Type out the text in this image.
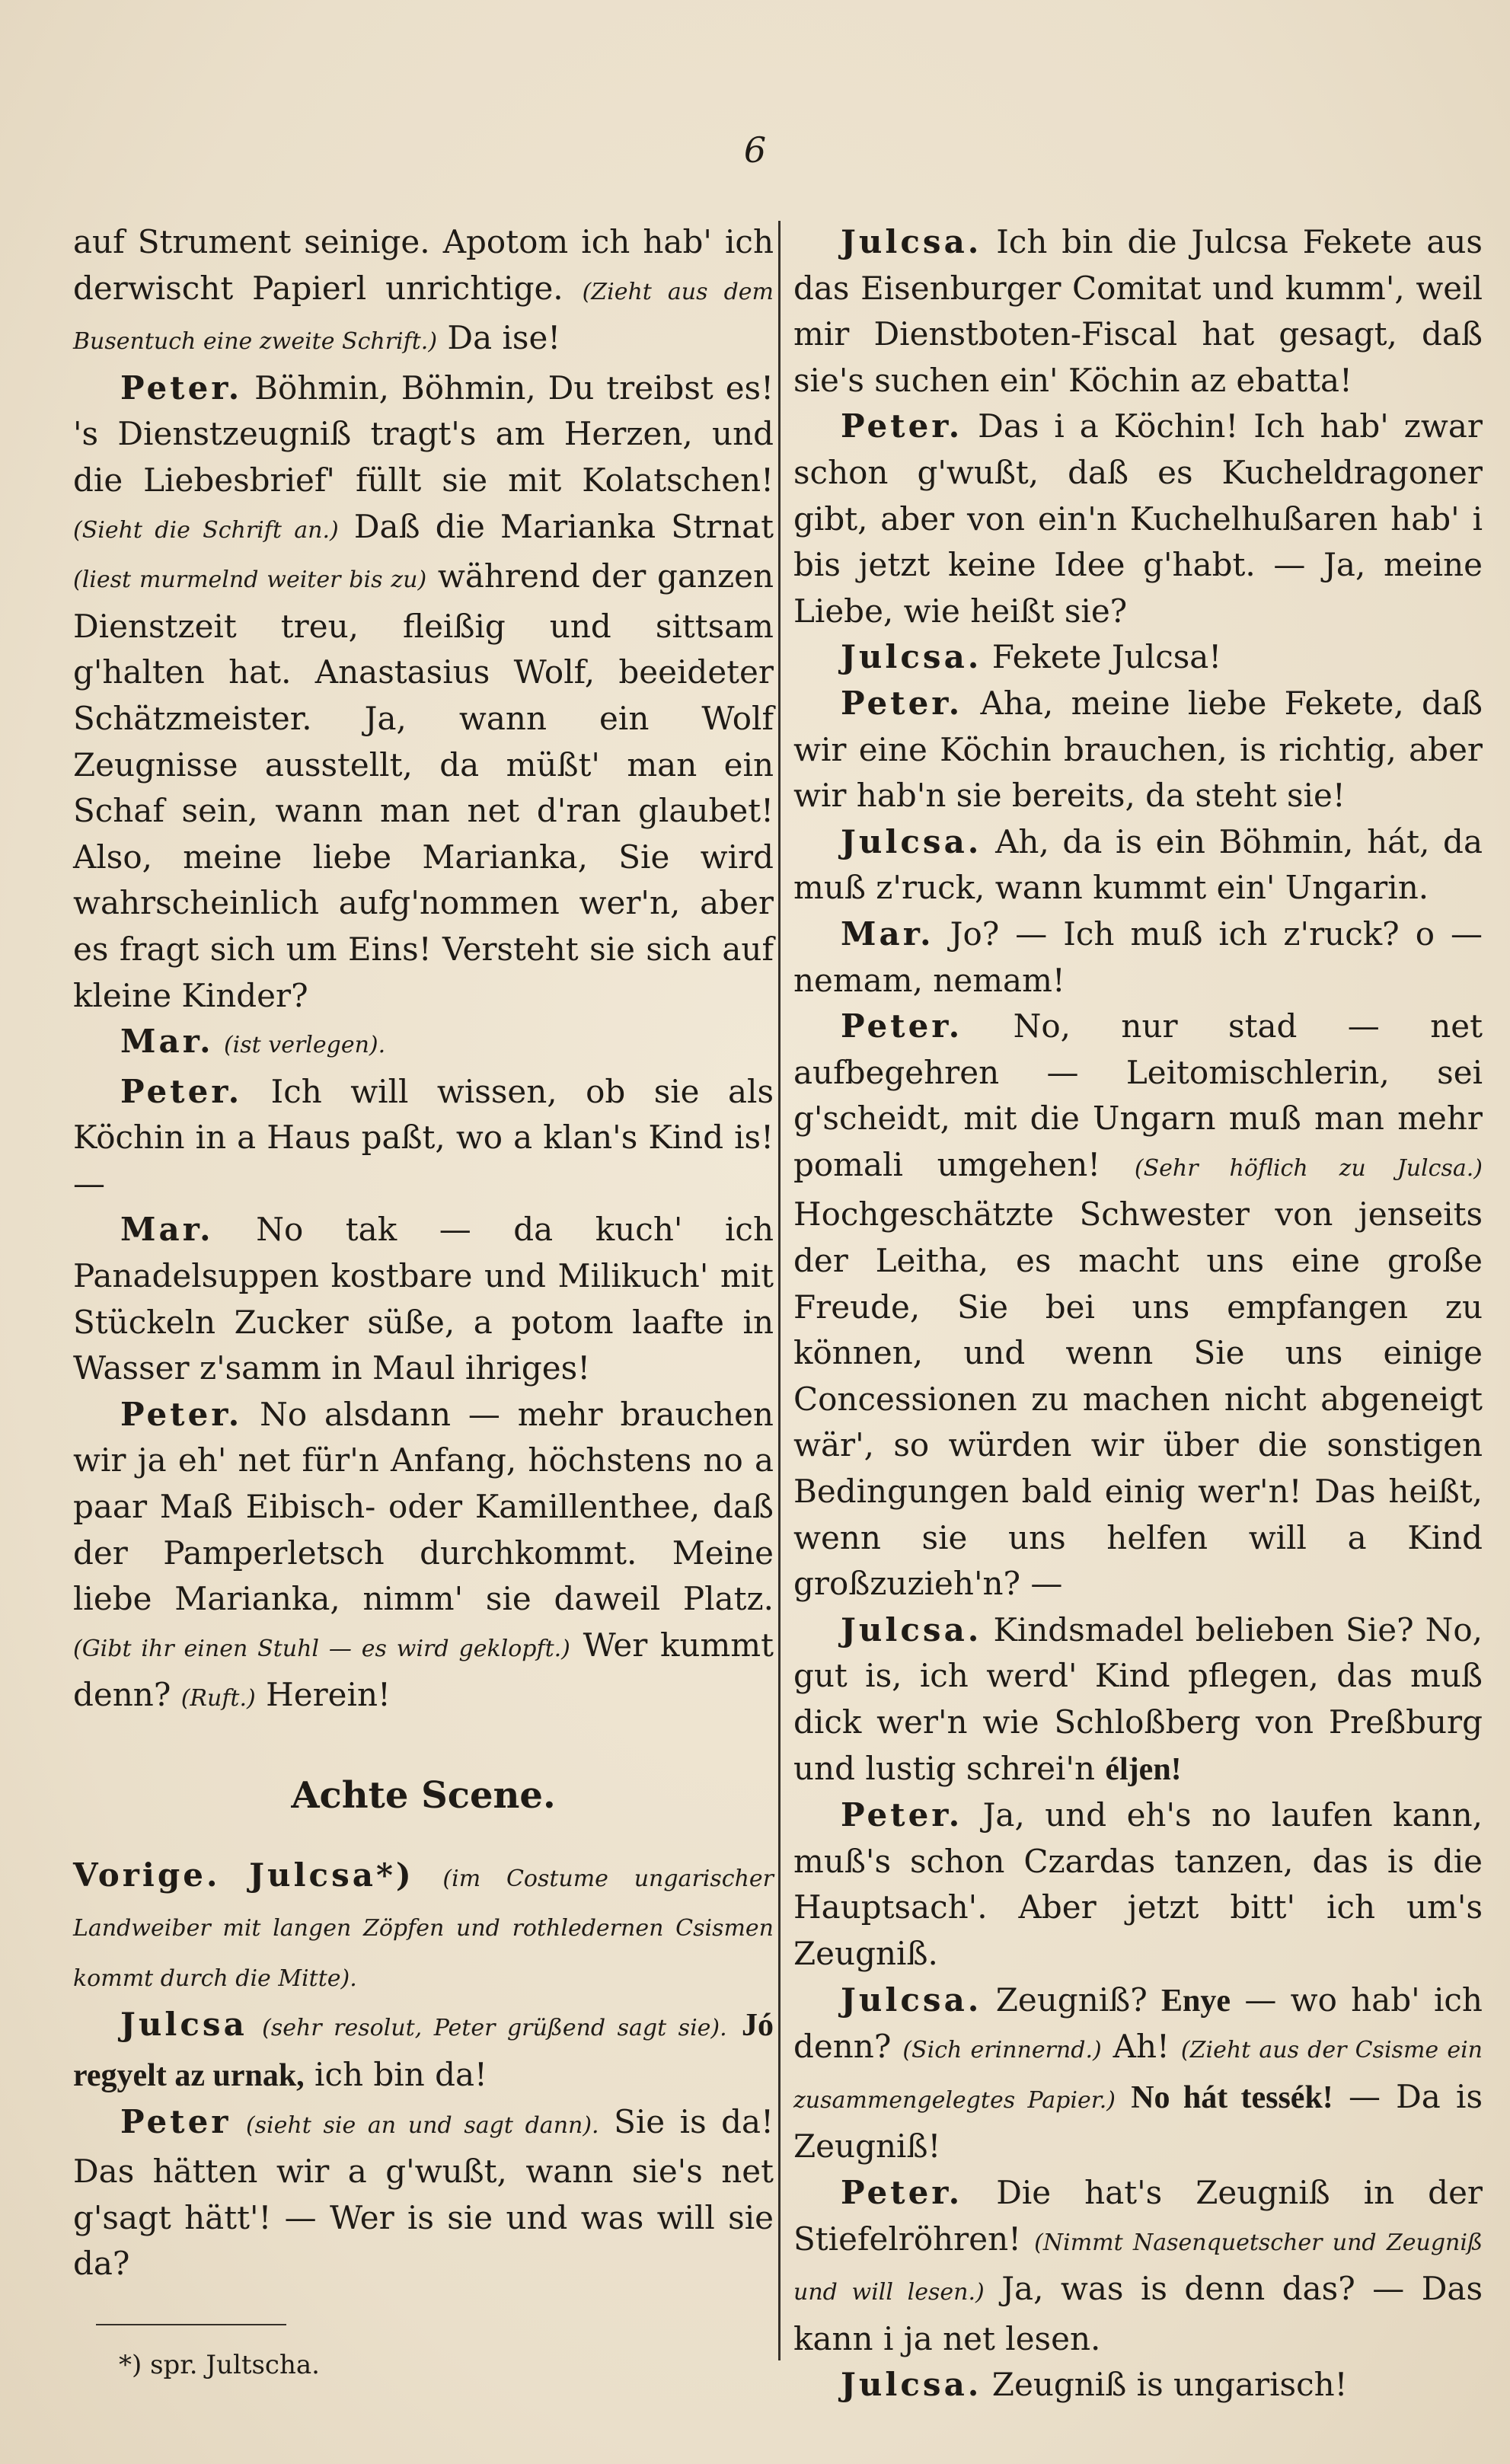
6

auf Strument seinige. Apotom ich hab' ich derwischt Papierl unrichtige. (Zieht aus dem Busentuch eine zweite Schrift.) Da ise!

Peter. Böhmin, Böhmin, Du treibst es! 's Dienstzeugniß tragt's am Herzen, und die Liebesbrief' füllt sie mit Kolatschen! (Sieht die Schrift an.) Daß die Marianka Strnat (liest murmelnd weiter bis zu) während der ganzen Dienstzeit treu, fleißig und sittsam g'halten hat. Anastasius Wolf, beeideter Schätzmeister. Ja, wann ein Wolf Zeugnisse ausstellt, da müßt' man ein Schaf sein, wann man net d'ran glaubet! Also, meine liebe Marianka, Sie wird wahrscheinlich aufg'nommen wer'n, aber es fragt sich um Eins! Versteht sie sich auf kleine Kinder?

Mar. (ist verlegen).

Peter. Ich will wissen, ob sie als Köchin in a Haus paßt, wo a klan's Kind is! —

Mar. No tak — da kuch' ich Panadelsuppen kostbare und Milikuch' mit Stückeln Zucker süße, a potom laafte in Wasser z'samm in Maul ihriges!

Peter. No alsdann — mehr brauchen wir ja eh' net für'n Anfang, höchstens no a paar Maß Eibisch- oder Kamillenthee, daß der Pamperletsch durchkommt. Meine liebe Marianka, nimm' sie daweil Platz. (Gibt ihr einen Stuhl — es wird geklopft.) Wer kummt denn? (Ruft.) Herein!

Achte Scene.

Vorige. Julcsa*) (im Costume ungarischer Landweiber mit langen Zöpfen und rothledernen Csismen kommt durch die Mitte).

Julcsa (sehr resolut, Peter grüßend sagt sie). Jó regyelt az urnak, ich bin da!

Peter (sieht sie an und sagt dann). Sie is da! Das hätten wir a g'wußt, wann sie's net g'sagt hätt'! — Wer is sie und was will sie da?

*) spr. Jultscha.

Julcsa. Ich bin die Julcsa Fekete aus das Eisenburger Comitat und kumm', weil mir Dienstboten-Fiscal hat gesagt, daß sie's suchen ein' Köchin az ebatta!

Peter. Das i a Köchin! Ich hab' zwar schon g'wußt, daß es Kucheldragoner gibt, aber von ein'n Kuchelhußaren hab' i bis jetzt keine Idee g'habt. — Ja, meine Liebe, wie heißt sie?

Julcsa. Fekete Julcsa!

Peter. Aha, meine liebe Fekete, daß wir eine Köchin brauchen, is richtig, aber wir hab'n sie bereits, da steht sie!

Julcsa. Ah, da is ein Böhmin, hát, da muß z'ruck, wann kummt ein' Ungarin.

Mar. Jo? — Ich muß ich z'ruck? o — nemam, nemam!

Peter. No, nur stad — net aufbegehren — Leitomischlerin, sei g'scheidt, mit die Ungarn muß man mehr pomali umgehen! (Sehr höflich zu Julcsa.) Hochgeschätzte Schwester von jenseits der Leitha, es macht uns eine große Freude, Sie bei uns empfangen zu können, und wenn Sie uns einige Concessionen zu machen nicht abgeneigt wär', so würden wir über die sonstigen Bedingungen bald einig wer'n! Das heißt, wenn sie uns helfen will a Kind großzuzieh'n? —

Julcsa. Kindsmadel belieben Sie? No, gut is, ich werd' Kind pflegen, das muß dick wer'n wie Schloßberg von Preßburg und lustig schrei'n éljen!

Peter. Ja, und eh's no laufen kann, muß's schon Czardas tanzen, das is die Hauptsach'. Aber jetzt bitt' ich um's Zeugniß.

Julcsa. Zeugniß? Enye — wo hab' ich denn? (Sich erinnernd.) Ah! (Zieht aus der Csisme ein zusammengelegtes Papier.) No hát tessék! — Da is Zeugniß!

Peter. Die hat's Zeugniß in der Stiefelröhren! (Nimmt Nasenquetscher und Zeugniß und will lesen.) Ja, was is denn das? — Das kann i ja net lesen.

Julcsa. Zeugniß is ungarisch!
